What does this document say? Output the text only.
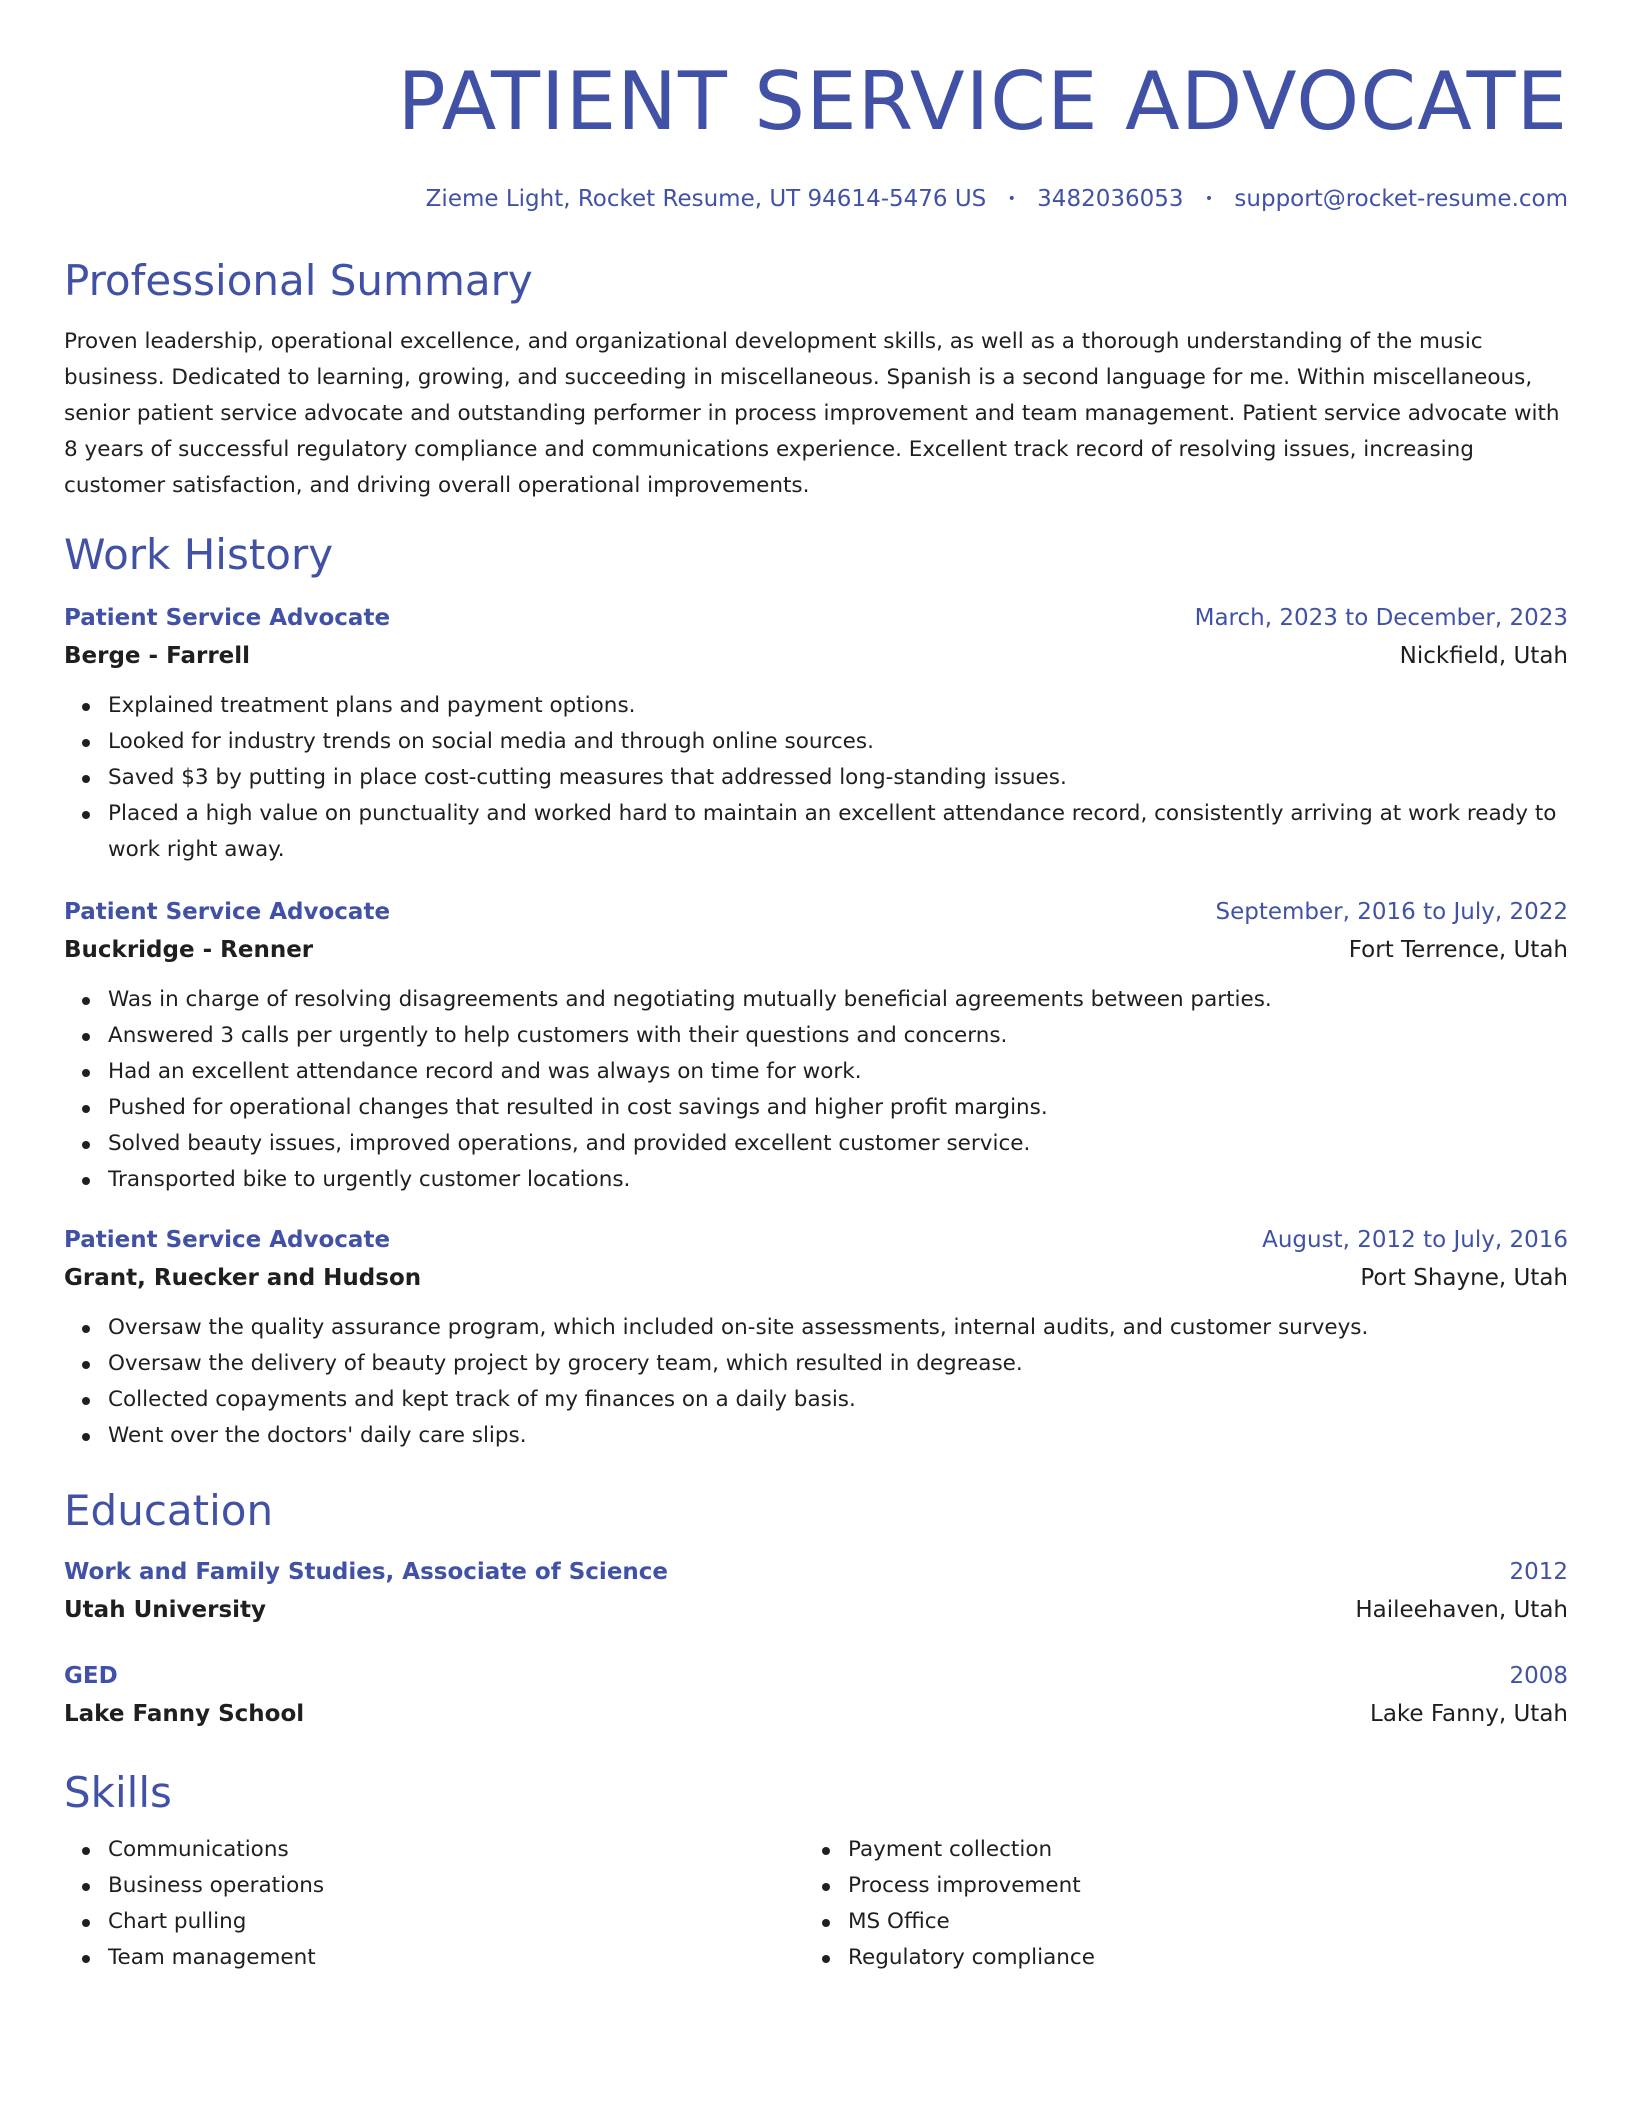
PATIENT SERVICE ADVOCATE
Zieme Light, Rocket Resume, UT 94614-5476 US • 3482036053 • support@rocket-resume.com
Professional Summary
Proven leadership, operational excellence, and organizational development skills, as well as a thorough understanding of the music business. Dedicated to learning, growing, and succeeding in miscellaneous. Spanish is a second language for me. Within miscellaneous, senior patient service advocate and outstanding performer in process improvement and team management. Patient service advocate with 8 years of successful regulatory compliance and communications experience. Excellent track record of resolving issues, increasing customer satisfaction, and driving overall operational improvements.
Work History
Patient Service Advocate	March, 2023 to December, 2023
Berge - Farrell	Nickfield, Utah
Explained treatment plans and payment options.
Looked for industry trends on social media and through online sources.
Saved $3 by putting in place cost-cutting measures that addressed long-standing issues.
Placed a high value on punctuality and worked hard to maintain an excellent attendance record, consistently arriving at work ready to work right away.
Patient Service Advocate	September, 2016 to July, 2022
Buckridge - Renner	Fort Terrence, Utah
Was in charge of resolving disagreements and negotiating mutually beneficial agreements between parties.
Answered 3 calls per urgently to help customers with their questions and concerns.
Had an excellent attendance record and was always on time for work.
Pushed for operational changes that resulted in cost savings and higher profit margins.
Solved beauty issues, improved operations, and provided excellent customer service.
Transported bike to urgently customer locations.
Patient Service Advocate	August, 2012 to July, 2016
Grant, Ruecker and Hudson	Port Shayne, Utah
Oversaw the quality assurance program, which included on-site assessments, internal audits, and customer surveys.
Oversaw the delivery of beauty project by grocery team, which resulted in degrease.
Collected copayments and kept track of my finances on a daily basis.
Went over the doctors' daily care slips.
Education
Work and Family Studies, Associate of Science	2012
Utah University	Haileehaven, Utah
GED	2008
Lake Fanny School	Lake Fanny, Utah
Skills
Communications
Business operations
Chart pulling
Team management
Payment collection
Process improvement
MS Office
Regulatory compliance
